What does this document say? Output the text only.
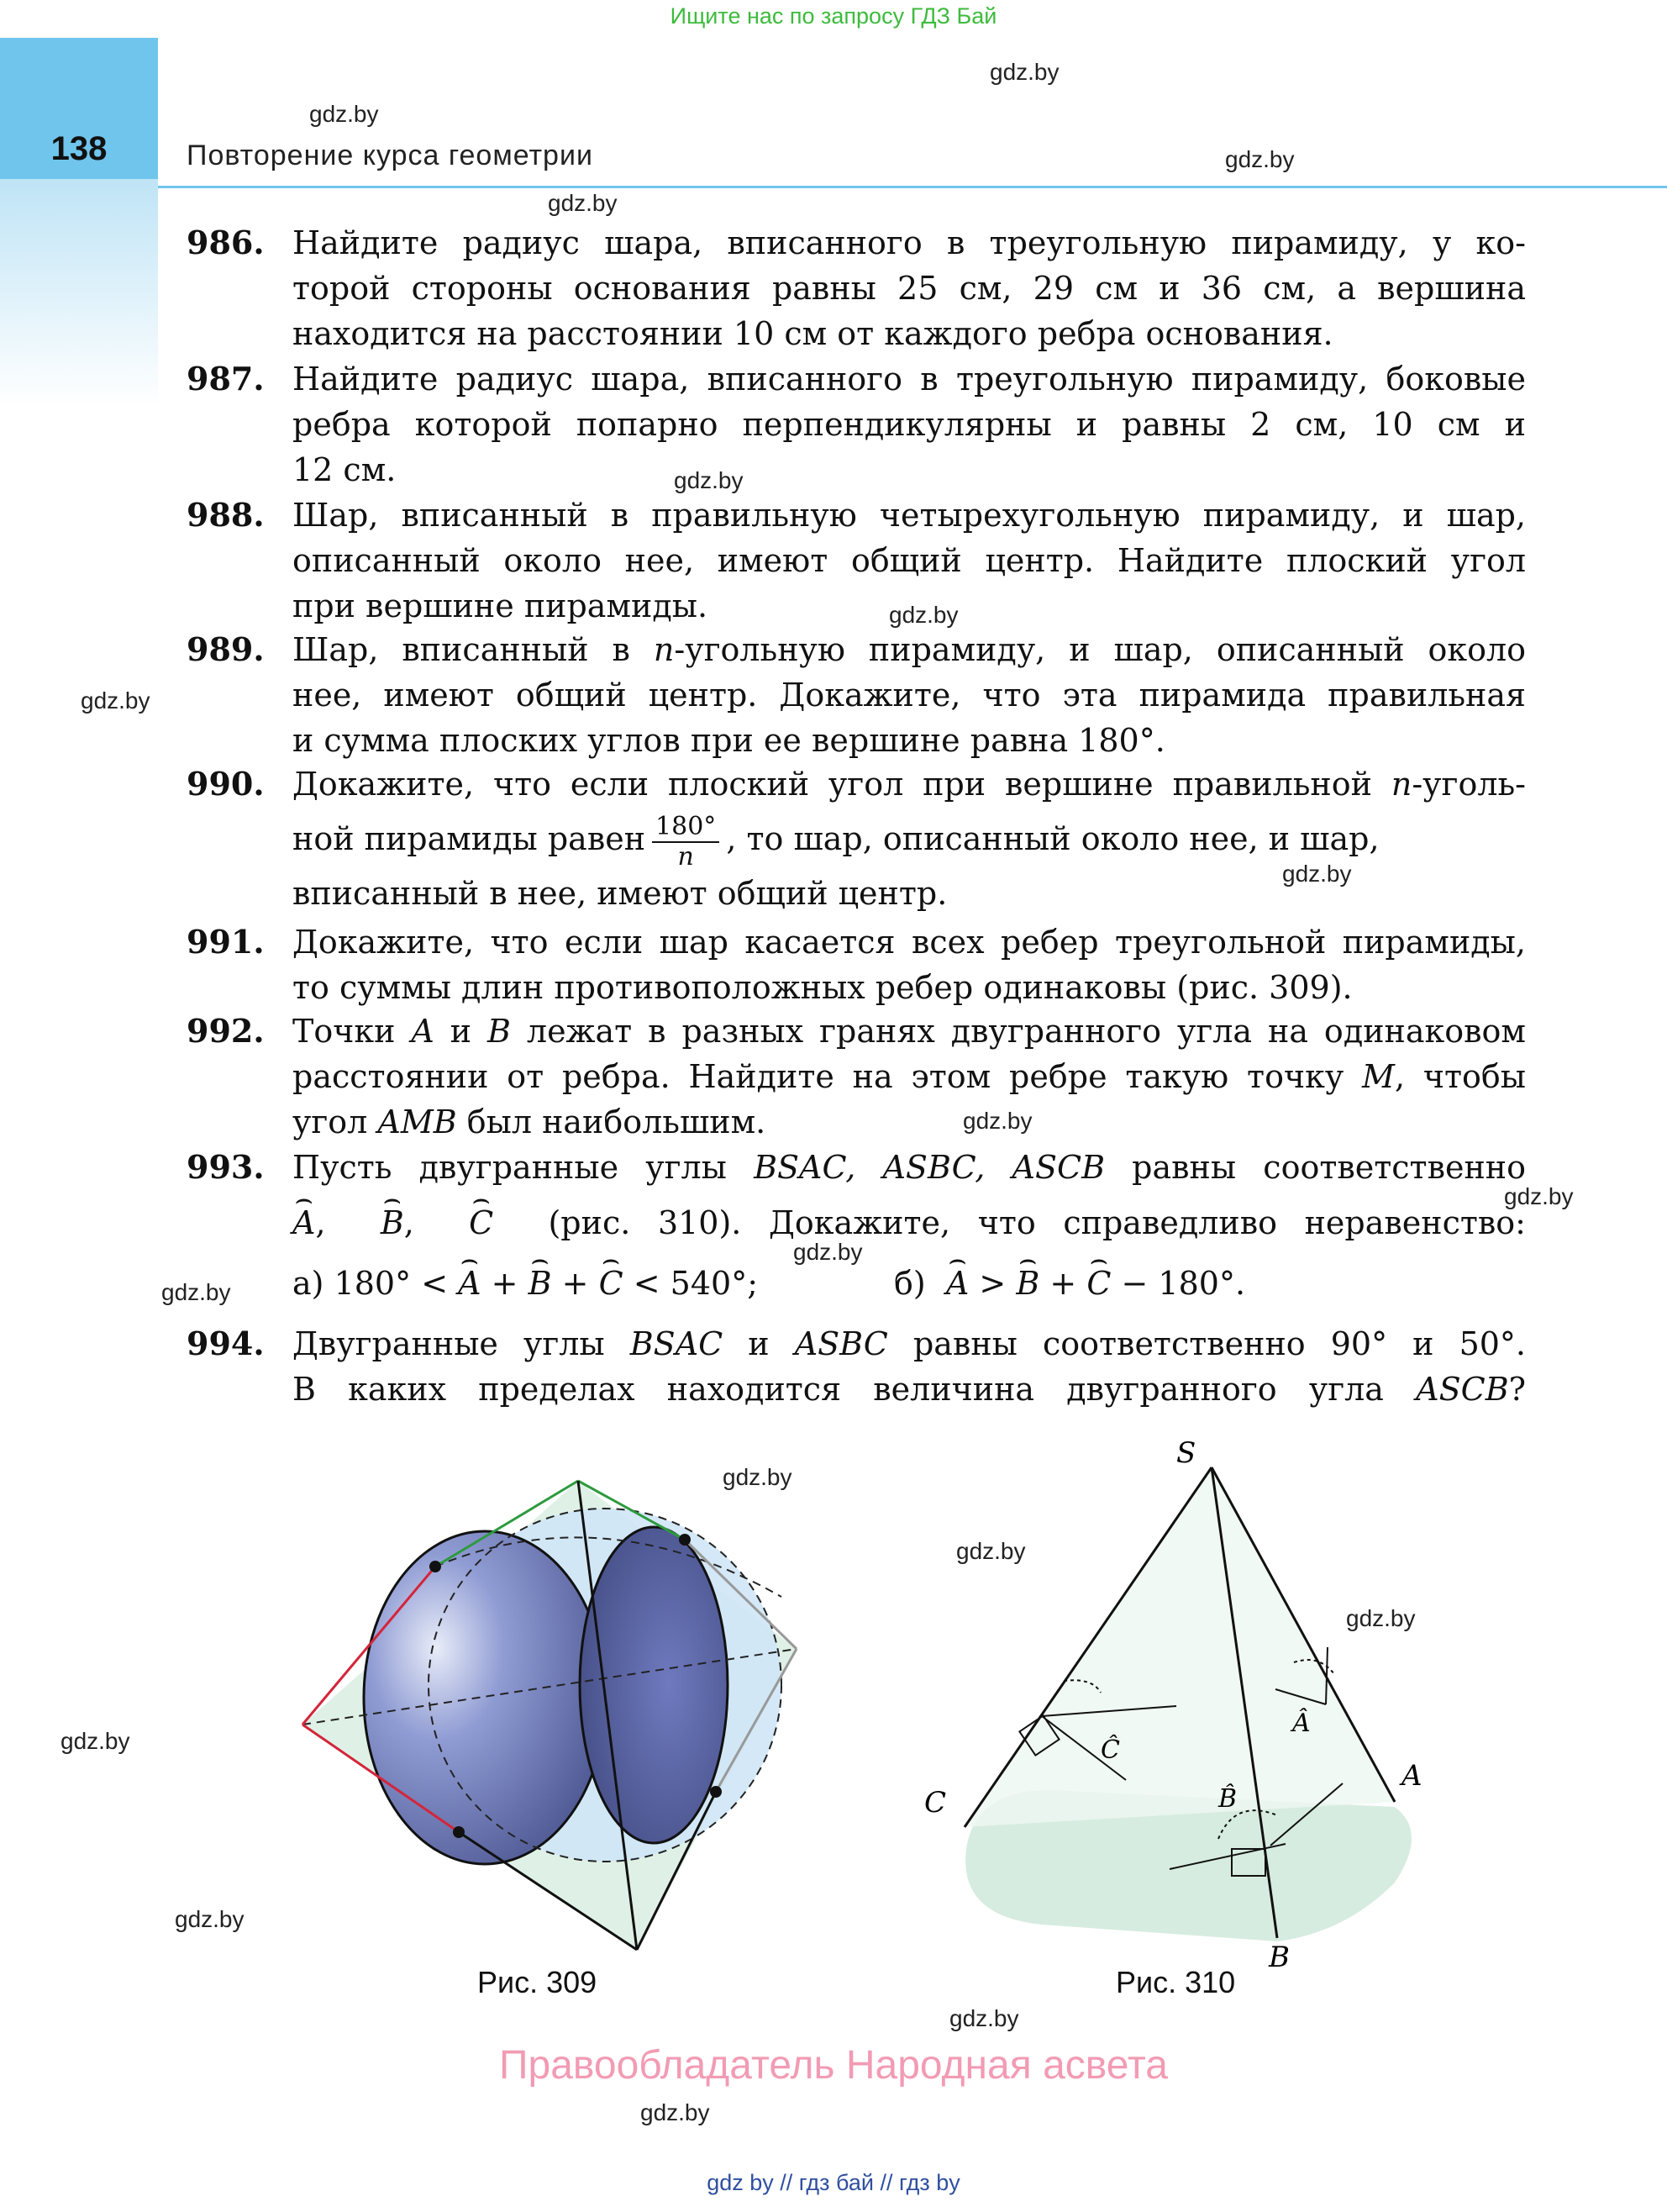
Ищите нас по запросу ГДЗ Бай
138	Повторение курса геометрии
gdz.by
gdz.by
gdz.by
gdz.by
gdz.by
gdz.by
gdz.by
gdz.by
gdz.by
gdz.by
gdz.by
gdz.by
gdz.by
gdz.by
gdz.by
gdz.by
gdz.by
gdz.by
gdz.by
986. Найдите радиус шара, вписанного в треугольную пирамиду, у ко-
торой стороны основания равны 25 см, 29 см и 36 см, а вершина
находится на расстоянии 10 см от каждого ребра основания.
987. Найдите радиус шара, вписанного в треугольную пирамиду, боковые
ребра которой попарно перпендикулярны и равны 2 см, 10 см и
12 см.
988. Шар, вписанный в правильную четырехугольную пирамиду, и шар,
описанный около нее, имеют общий центр. Найдите плоский угол
при вершине пирамиды.
989. Шар, вписанный в n-угольную пирамиду, и шар, описанный около
нее, имеют общий центр. Докажите, что эта пирамида правильная
и сумма плоских углов при ее вершине равна 180°.
990. Докажите, что если плоский угол при вершине правильной n-уголь-
ной пирамиды равен $\frac{180^\circ}{n}$ , то шар, описанный около нее, и шар,
вписанный в нее, имеют общий центр.
991. Докажите, что если шар касается всех ребер треугольной пирамиды,
то суммы длин противоположных ребер одинаковы (рис. 309).
992. Точки A и B лежат в разных гранях двугранного угла на одинаковом
расстоянии от ребра. Найдите на этом ребре такую точку M, чтобы
угол AMB был наибольшим.
993. Пусть двугранные углы BSAC, ASBC, ASCB равны соответственно
⌢ A,  ⌢ B,  ⌢ C (рис. 310). Докажите, что справедливо неравенство:
а) 180° < ⌢ A + ⌢ B + ⌢ C < 540°;	б) ⌢ A > ⌢ B + ⌢ C − 180°.
994. Двугранные углы BSAC и ASBC равны соответственно 90° и 50°.
В каких пределах находится величина двугранного угла ASCB?
Рис. 309
S
C
A
B
Ĉ
Â
B̂
Рис. 310
Правообладатель Народная асвета
gdz by // гдз бай // гдз by
